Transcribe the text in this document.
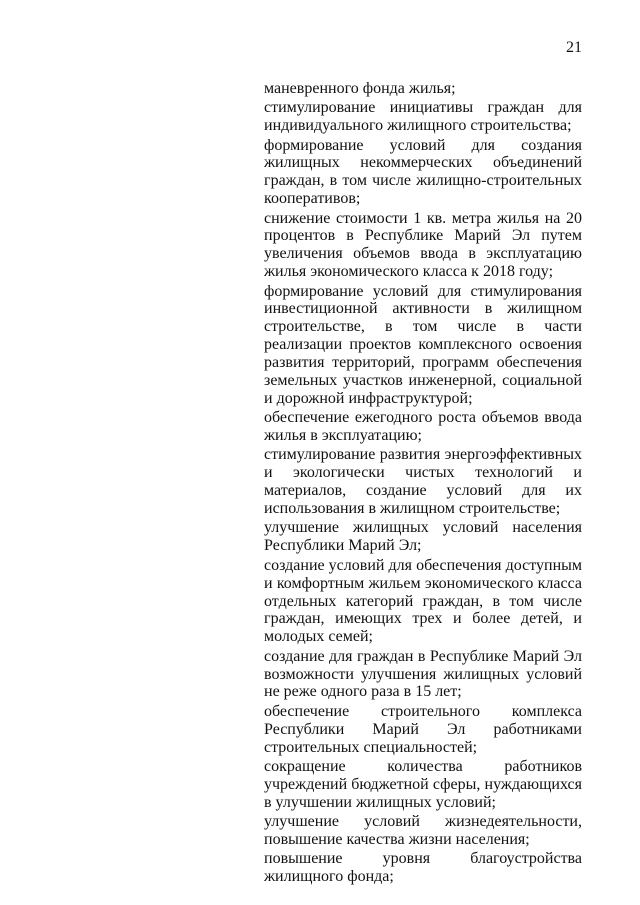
21

маневренного фонда жилья;

стимулирование инициативы граждан для индивидуального жилищного строительства;

формирование условий для создания жилищных некоммерческих объединений граждан, в том числе жилищно-строительных кооперативов;

снижение стоимости 1 кв. метра жилья на 20 процентов в Республике Марий Эл путем увеличения объемов ввода в эксплуатацию жилья экономического класса к 2018 году;

формирование условий для стимулирования инвестиционной активности в жилищном строительстве, в том числе в части реализации проектов комплексного освоения развития территорий, программ обеспечения земельных участков инженерной, социальной и дорожной инфраструктурой;

обеспечение ежегодного роста объемов ввода жилья в эксплуатацию;

стимулирование развития энергоэффективных и экологически чистых технологий и материалов, создание условий для их использования в жилищном строительстве;

улучшение жилищных условий населения Республики Марий Эл;

создание условий для обеспечения доступным и комфортным жильем экономического класса отдельных категорий граждан, в том числе граждан, имеющих трех и более детей, и молодых семей;

создание для граждан в Республике Марий Эл возможности улучшения жилищных условий не реже одного раза в 15 лет;

обеспечение строительного комплекса Республики Марий Эл работниками строительных специальностей;

сокращение количества работников учреждений бюджетной сферы, нуждающихся в улучшении жилищных условий;

улучшение условий жизнедеятельности, повышение качества жизни населения;

повышение уровня благоустройства жилищного фонда;
